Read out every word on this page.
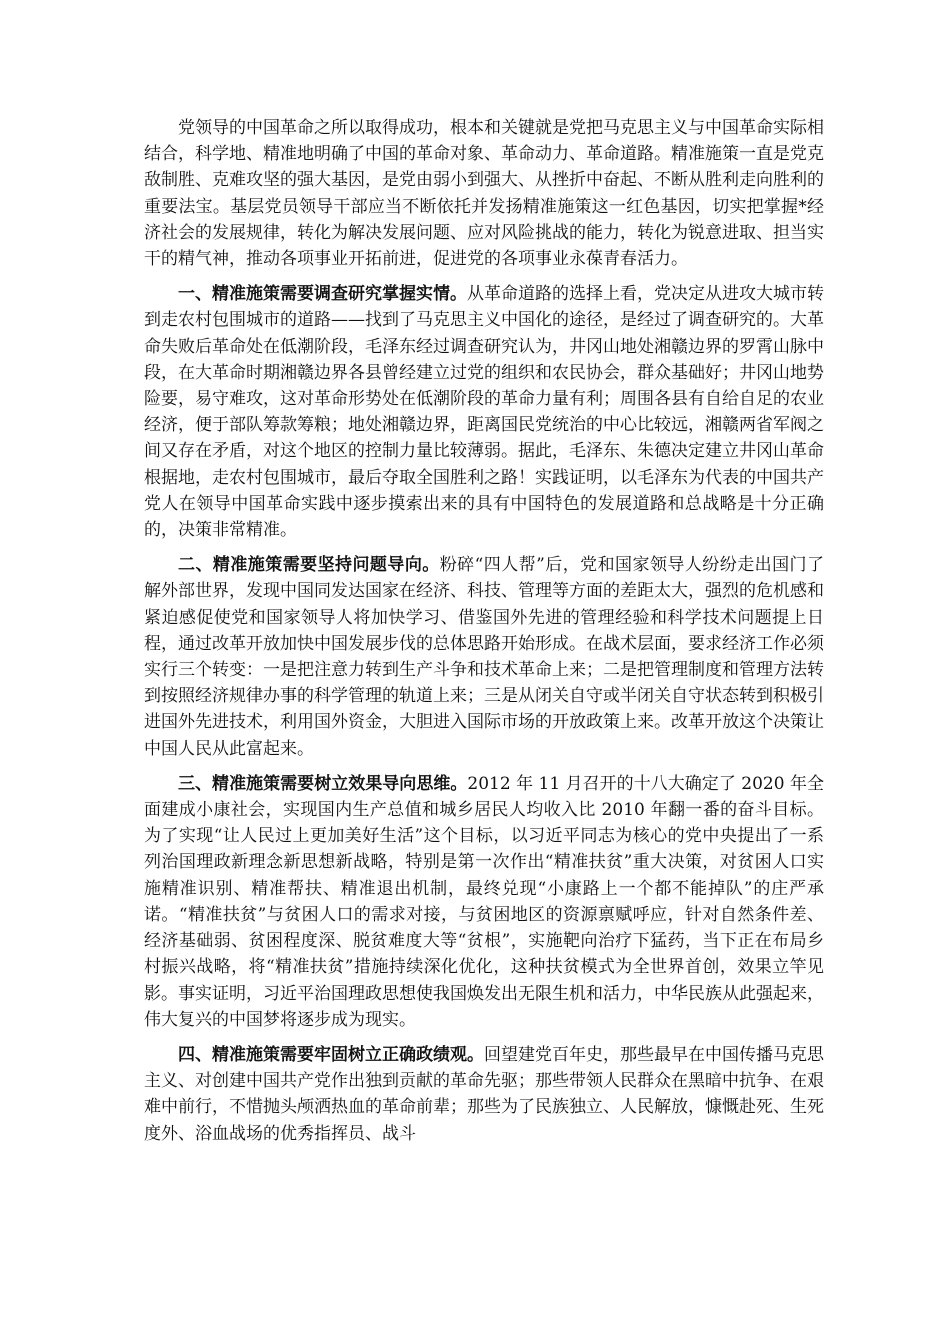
党领导的中国革命之所以取得成功，根本和关键就是党把马克思主义与中国革命实际相结合，科学地、精准地明确了中国的革命对象、革命动力、革命道路。精准施策一直是党克敌制胜、克难攻坚的强大基因，是党由弱小到强大、从挫折中奋起、不断从胜利走向胜利的重要法宝。基层党员领导干部应当不断依托并发扬精准施策这一红色基因，切实把掌握*经济社会的发展规律，转化为解决发展问题、应对风险挑战的能力，转化为锐意进取、担当实干的精气神，推动各项事业开拓前进，促进党的各项事业永葆青春活力。

一、精准施策需要调查研究掌握实情。从革命道路的选择上看，党决定从进攻大城市转到走农村包围城市的道路——找到了马克思主义中国化的途径，是经过了调查研究的。大革命失败后革命处在低潮阶段，毛泽东经过调查研究认为，井冈山地处湘赣边界的罗霄山脉中段，在大革命时期湘赣边界各县曾经建立过党的组织和农民协会，群众基础好；井冈山地势险要，易守难攻，这对革命形势处在低潮阶段的革命力量有利；周围各县有自给自足的农业经济，便于部队筹款筹粮；地处湘赣边界，距离国民党统治的中心比较远，湘赣两省军阀之间又存在矛盾，对这个地区的控制力量比较薄弱。据此，毛泽东、朱德决定建立井冈山革命根据地，走农村包围城市，最后夺取全国胜利之路！实践证明，以毛泽东为代表的中国共产党人在领导中国革命实践中逐步摸索出来的具有中国特色的发展道路和总战略是十分正确的，决策非常精准。

二、精准施策需要坚持问题导向。粉碎“四人帮”后，党和国家领导人纷纷走出国门了解外部世界，发现中国同发达国家在经济、科技、管理等方面的差距太大，强烈的危机感和紧迫感促使党和国家领导人将加快学习、借鉴国外先进的管理经验和科学技术问题提上日程，通过改革开放加快中国发展步伐的总体思路开始形成。在战术层面，要求经济工作必须实行三个转变：一是把注意力转到生产斗争和技术革命上来；二是把管理制度和管理方法转到按照经济规律办事的科学管理的轨道上来；三是从闭关自守或半闭关自守状态转到积极引进国外先进技术，利用国外资金，大胆进入国际市场的开放政策上来。改革开放这个决策让中国人民从此富起来。

三、精准施策需要树立效果导向思维。2012 年 11 月召开的十八大确定了 2020 年全面建成小康社会，实现国内生产总值和城乡居民人均收入比 2010 年翻一番的奋斗目标。为了实现“让人民过上更加美好生活”这个目标，以习近平同志为核心的党中央提出了一系列治国理政新理念新思想新战略，特别是第一次作出“精准扶贫”重大决策，对贫困人口实施精准识别、精准帮扶、精准退出机制，最终兑现“小康路上一个都不能掉队”的庄严承诺。“精准扶贫”与贫困人口的需求对接，与贫困地区的资源禀赋呼应，针对自然条件差、经济基础弱、贫困程度深、脱贫难度大等“贫根”，实施靶向治疗下猛药，当下正在布局乡村振兴战略，将“精准扶贫”措施持续深化优化，这种扶贫模式为全世界首创，效果立竿见影。事实证明，习近平治国理政思想使我国焕发出无限生机和活力，中华民族从此强起来，伟大复兴的中国梦将逐步成为现实。

四、精准施策需要牢固树立正确政绩观。回望建党百年史，那些最早在中国传播马克思主义、对创建中国共产党作出独到贡献的革命先驱；那些带领人民群众在黑暗中抗争、在艰难中前行，不惜抛头颅洒热血的革命前辈；那些为了民族独立、人民解放，慷慨赴死、生死度外、浴血战场的优秀指挥员、战斗
